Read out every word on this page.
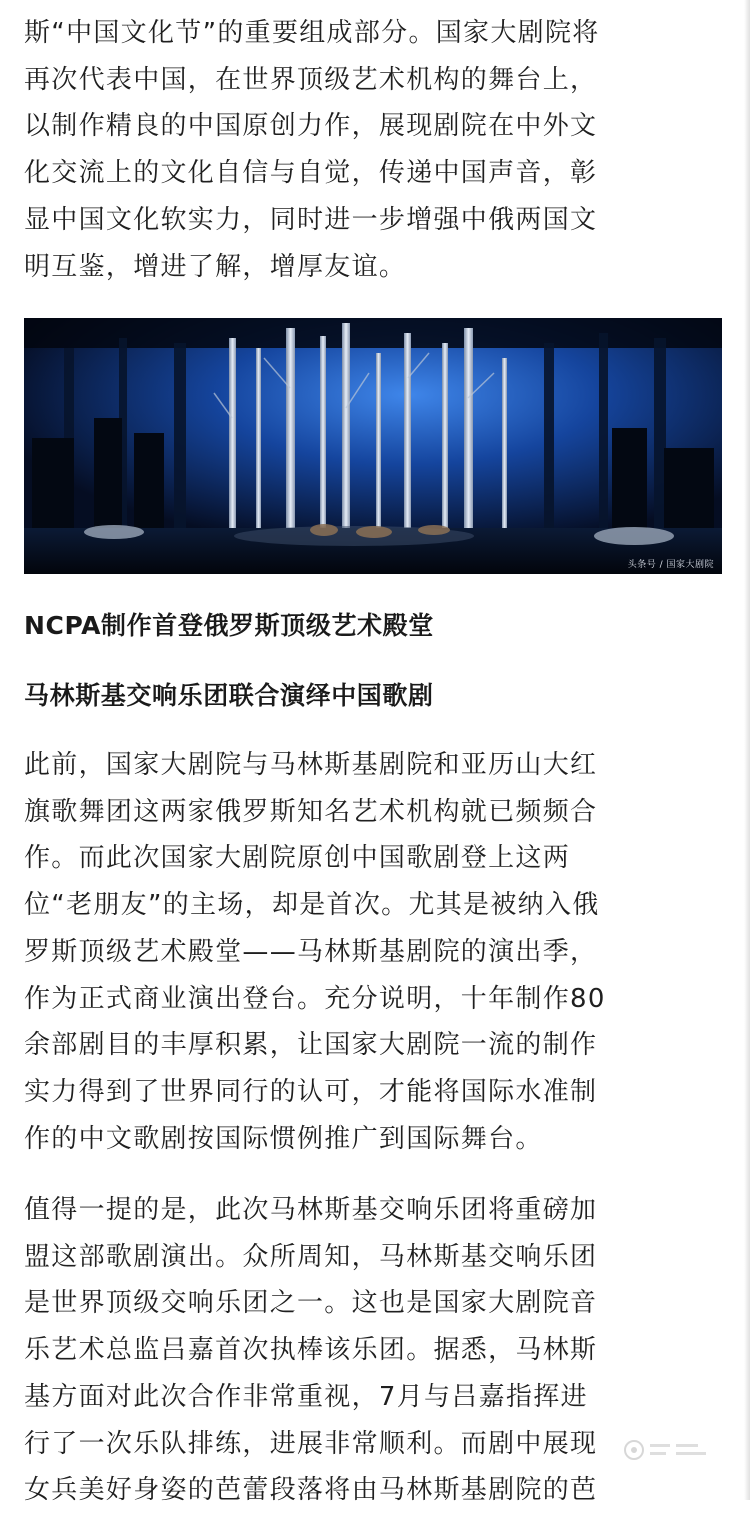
斯“中国文化节”的重要组成部分。国家大剧院将
再次代表中国，在世界顶级艺术机构的舞台上，
以制作精良的中国原创力作，展现剧院在中外文
化交流上的文化自信与自觉，传递中国声音，彰
显中国文化软实力，同时进一步增强中俄两国文
明互鉴，增进了解，增厚友谊。

NCPA制作首登俄罗斯顶级艺术殿堂
马林斯基交响乐团联合演绎中国歌剧

此前，国家大剧院与马林斯基剧院和亚历山大红
旗歌舞团这两家俄罗斯知名艺术机构就已频频合
作。而此次国家大剧院原创中国歌剧登上这两
位“老朋友”的主场，却是首次。尤其是被纳入俄
罗斯顶级艺术殿堂——马林斯基剧院的演出季，
作为正式商业演出登台。充分说明，十年制作80
余部剧目的丰厚积累，让国家大剧院一流的制作
实力得到了世界同行的认可，才能将国际水准制
作的中文歌剧按国际惯例推广到国际舞台。

值得一提的是，此次马林斯基交响乐团将重磅加
盟这部歌剧演出。众所周知，马林斯基交响乐团
是世界顶级交响乐团之一。这也是国家大剧院音
乐艺术总监吕嘉首次执棒该乐团。据悉，马林斯
基方面对此次合作非常重视，7月与吕嘉指挥进
行了一次乐队排练，进展非常顺利。而剧中展现
女兵美好身姿的芭蕾段落将由马林斯基剧院的芭

头条号 / 国家大剧院
